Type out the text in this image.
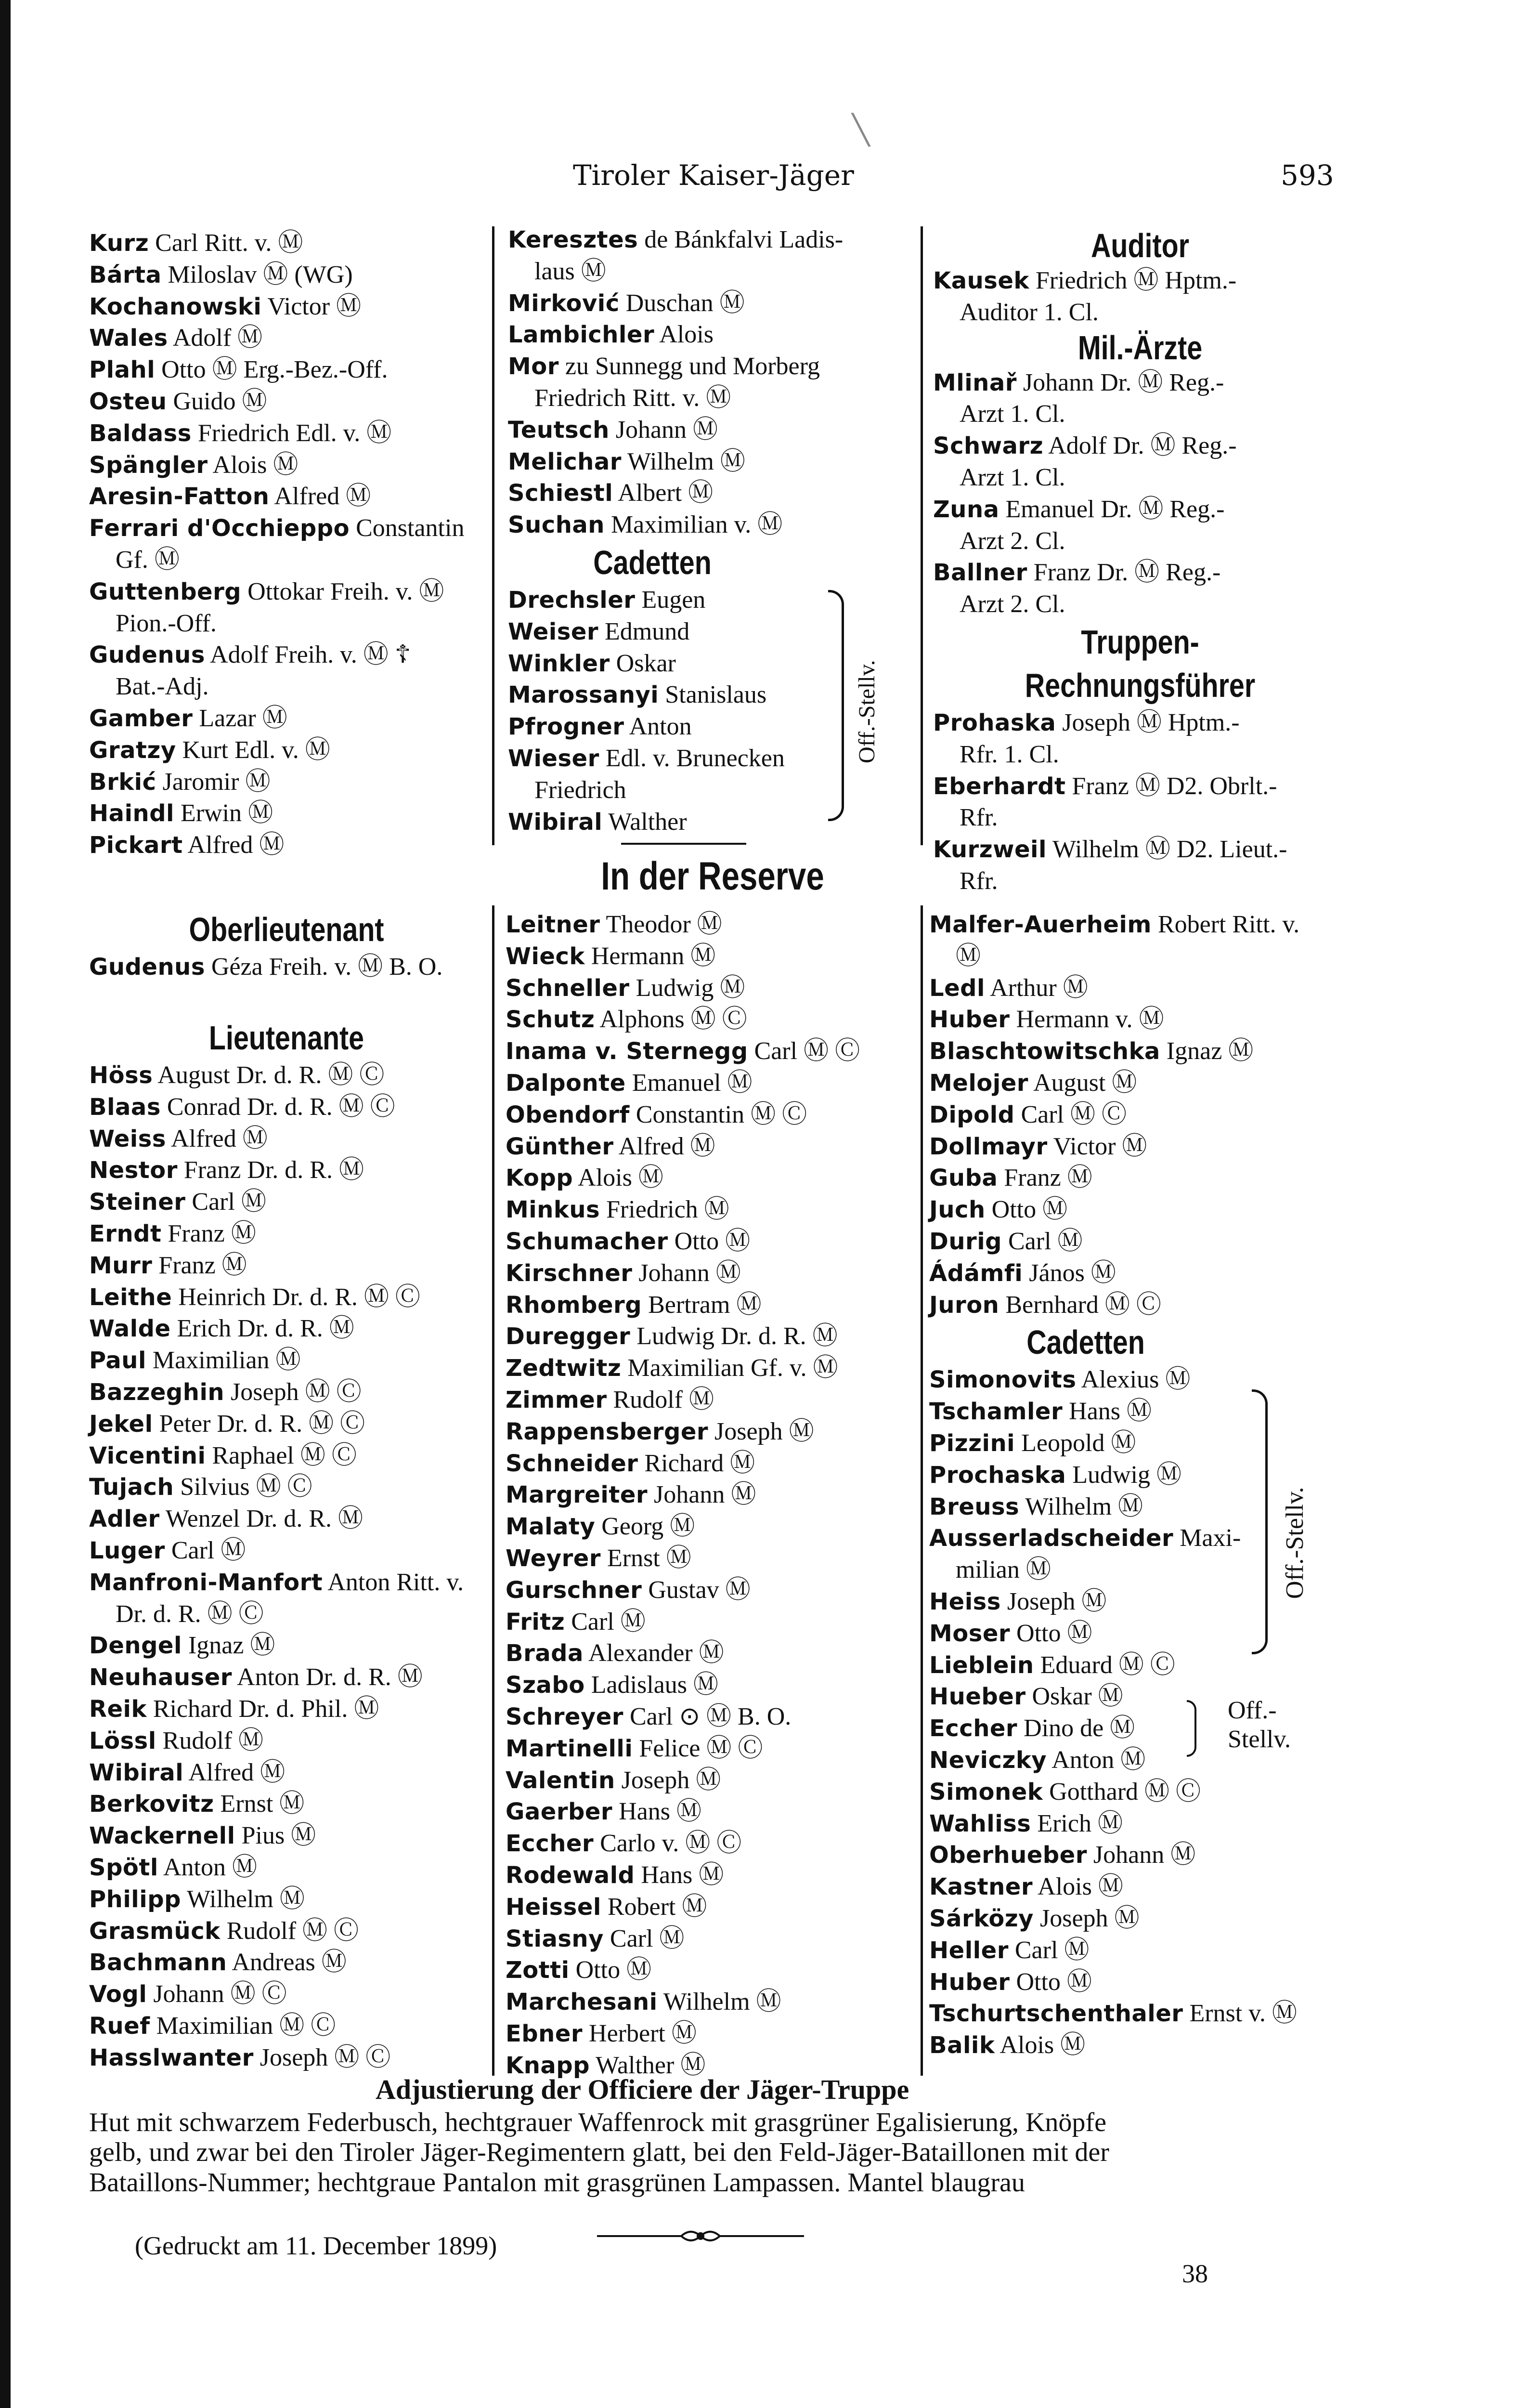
╲
Tiroler Kaiser-Jäger	593
Kurz Carl Ritt. v. Ⓜ
Bárta Miloslav Ⓜ (WG)
Kochanowski Victor Ⓜ
Wales Adolf Ⓜ
Plahl Otto Ⓜ Erg.-Bez.-Off.
Osteu Guido Ⓜ
Baldass Friedrich Edl. v. Ⓜ
Spängler Alois Ⓜ
Aresin-Fatton Alfred Ⓜ
Ferrari d'Occhieppo Constantin
Gf. Ⓜ
Guttenberg Ottokar Freih. v. Ⓜ
Pion.-Off.
Gudenus Adolf Freih. v. Ⓜ ☦
Bat.-Adj.
Gamber Lazar Ⓜ
Gratzy Kurt Edl. v. Ⓜ
Brkić Jaromir Ⓜ
Haindl Erwin Ⓜ
Pickart Alfred Ⓜ
Oberlieutenant
Gudenus Géza Freih. v. Ⓜ B. O.
Lieutenante
Höss August Dr. d. R. Ⓜ Ⓒ
Blaas Conrad Dr. d. R. Ⓜ Ⓒ
Weiss Alfred Ⓜ
Nestor Franz Dr. d. R. Ⓜ
Steiner Carl Ⓜ
Erndt Franz Ⓜ
Murr Franz Ⓜ
Leithe Heinrich Dr. d. R. Ⓜ Ⓒ
Walde Erich Dr. d. R. Ⓜ
Paul Maximilian Ⓜ
Bazzeghin Joseph Ⓜ Ⓒ
Jekel Peter Dr. d. R. Ⓜ Ⓒ
Vicentini Raphael Ⓜ Ⓒ
Tujach Silvius Ⓜ Ⓒ
Adler Wenzel Dr. d. R. Ⓜ
Luger Carl Ⓜ
Manfroni-Manfort Anton Ritt. v.
Dr. d. R. Ⓜ Ⓒ
Dengel Ignaz Ⓜ
Neuhauser Anton Dr. d. R. Ⓜ
Reik Richard Dr. d. Phil. Ⓜ
Lössl Rudolf Ⓜ
Wibiral Alfred Ⓜ
Berkovitz Ernst Ⓜ
Wackernell Pius Ⓜ
Spötl Anton Ⓜ
Philipp Wilhelm Ⓜ
Grasmück Rudolf Ⓜ Ⓒ
Bachmann Andreas Ⓜ
Vogl Johann Ⓜ Ⓒ
Ruef Maximilian Ⓜ Ⓒ
Hasslwanter Joseph Ⓜ Ⓒ
Keresztes de Bánkfalvi Ladis-
laus Ⓜ
Mirković Duschan Ⓜ
Lambichler Alois
Mor zu Sunnegg und Morberg
Friedrich Ritt. v. Ⓜ
Teutsch Johann Ⓜ
Melichar Wilhelm Ⓜ
Schiestl Albert Ⓜ
Suchan Maximilian v. Ⓜ
Cadetten
Drechsler Eugen
Weiser Edmund
Winkler Oskar
Marossanyi Stanislaus
Pfrogner Anton
Wieser Edl. v. Brunecken
Friedrich
Wibiral Walther
Off.-Stellv.
In der Reserve
Leitner Theodor Ⓜ
Wieck Hermann Ⓜ
Schneller Ludwig Ⓜ
Schutz Alphons Ⓜ Ⓒ
Inama v. Sternegg Carl Ⓜ Ⓒ
Dalponte Emanuel Ⓜ
Obendorf Constantin Ⓜ Ⓒ
Günther Alfred Ⓜ
Kopp Alois Ⓜ
Minkus Friedrich Ⓜ
Schumacher Otto Ⓜ
Kirschner Johann Ⓜ
Rhomberg Bertram Ⓜ
Duregger Ludwig Dr. d. R. Ⓜ
Zedtwitz Maximilian Gf. v. Ⓜ
Zimmer Rudolf Ⓜ
Rappensberger Joseph Ⓜ
Schneider Richard Ⓜ
Margreiter Johann Ⓜ
Malaty Georg Ⓜ
Weyrer Ernst Ⓜ
Gurschner Gustav Ⓜ
Fritz Carl Ⓜ
Brada Alexander Ⓜ
Szabo Ladislaus Ⓜ
Schreyer Carl ⊙ Ⓜ B. O.
Martinelli Felice Ⓜ Ⓒ
Valentin Joseph Ⓜ
Gaerber Hans Ⓜ
Eccher Carlo v. Ⓜ Ⓒ
Rodewald Hans Ⓜ
Heissel Robert Ⓜ
Stiasny Carl Ⓜ
Zotti Otto Ⓜ
Marchesani Wilhelm Ⓜ
Ebner Herbert Ⓜ
Knapp Walther Ⓜ
Auditor
Kausek Friedrich Ⓜ Hptm.-
Auditor 1. Cl.
Mil.-Ärzte
Mlinař Johann Dr. Ⓜ Reg.-
Arzt 1. Cl.
Schwarz Adolf Dr. Ⓜ Reg.-
Arzt 1. Cl.
Zuna Emanuel Dr. Ⓜ Reg.-
Arzt 2. Cl.
Ballner Franz Dr. Ⓜ Reg.-
Arzt 2. Cl.
Truppen-Rechnungsführer
Prohaska Joseph Ⓜ Hptm.-
Rfr. 1. Cl.
Eberhardt Franz Ⓜ D2. Obrlt.-
Rfr.
Kurzweil Wilhelm Ⓜ D2. Lieut.-
Rfr.
Malfer-Auerheim Robert Ritt. v.
Ⓜ
Ledl Arthur Ⓜ
Huber Hermann v. Ⓜ
Blaschtowitschka Ignaz Ⓜ
Melojer August Ⓜ
Dipold Carl Ⓜ Ⓒ
Dollmayr Victor Ⓜ
Guba Franz Ⓜ
Juch Otto Ⓜ
Durig Carl Ⓜ
Ádámfi János Ⓜ
Juron Bernhard Ⓜ Ⓒ
Cadetten
Simonovits Alexius Ⓜ
Tschamler Hans Ⓜ
Pizzini Leopold Ⓜ
Prochaska Ludwig Ⓜ
Breuss Wilhelm Ⓜ
Ausserladscheider Maxi-
milian Ⓜ
Heiss Joseph Ⓜ
Moser Otto Ⓜ
Lieblein Eduard Ⓜ Ⓒ
Hueber Oskar Ⓜ
Eccher Dino de Ⓜ
Neviczky Anton Ⓜ
Simonek Gotthard Ⓜ Ⓒ
Wahliss Erich Ⓜ
Oberhueber Johann Ⓜ
Kastner Alois Ⓜ
Sárközy Joseph Ⓜ
Heller Carl Ⓜ
Huber Otto Ⓜ
Tschurtschenthaler Ernst v. Ⓜ
Balik Alois Ⓜ
Off.-Stellv.
Off.-
Stellv.
Adjustierung der Officiere der Jäger-Truppe
Hut mit schwarzem Federbusch, hechtgrauer Waffenrock mit grasgrüner Egalisierung, Knöpfe
gelb, und zwar bei den Tiroler Jäger-Regimentern glatt, bei den Feld-Jäger-Bataillonen mit der
Bataillons-Nummer; hechtgraue Pantalon mit grasgrünen Lampassen. Mantel blaugrau
(Gedruckt am 11. December 1899)
38
